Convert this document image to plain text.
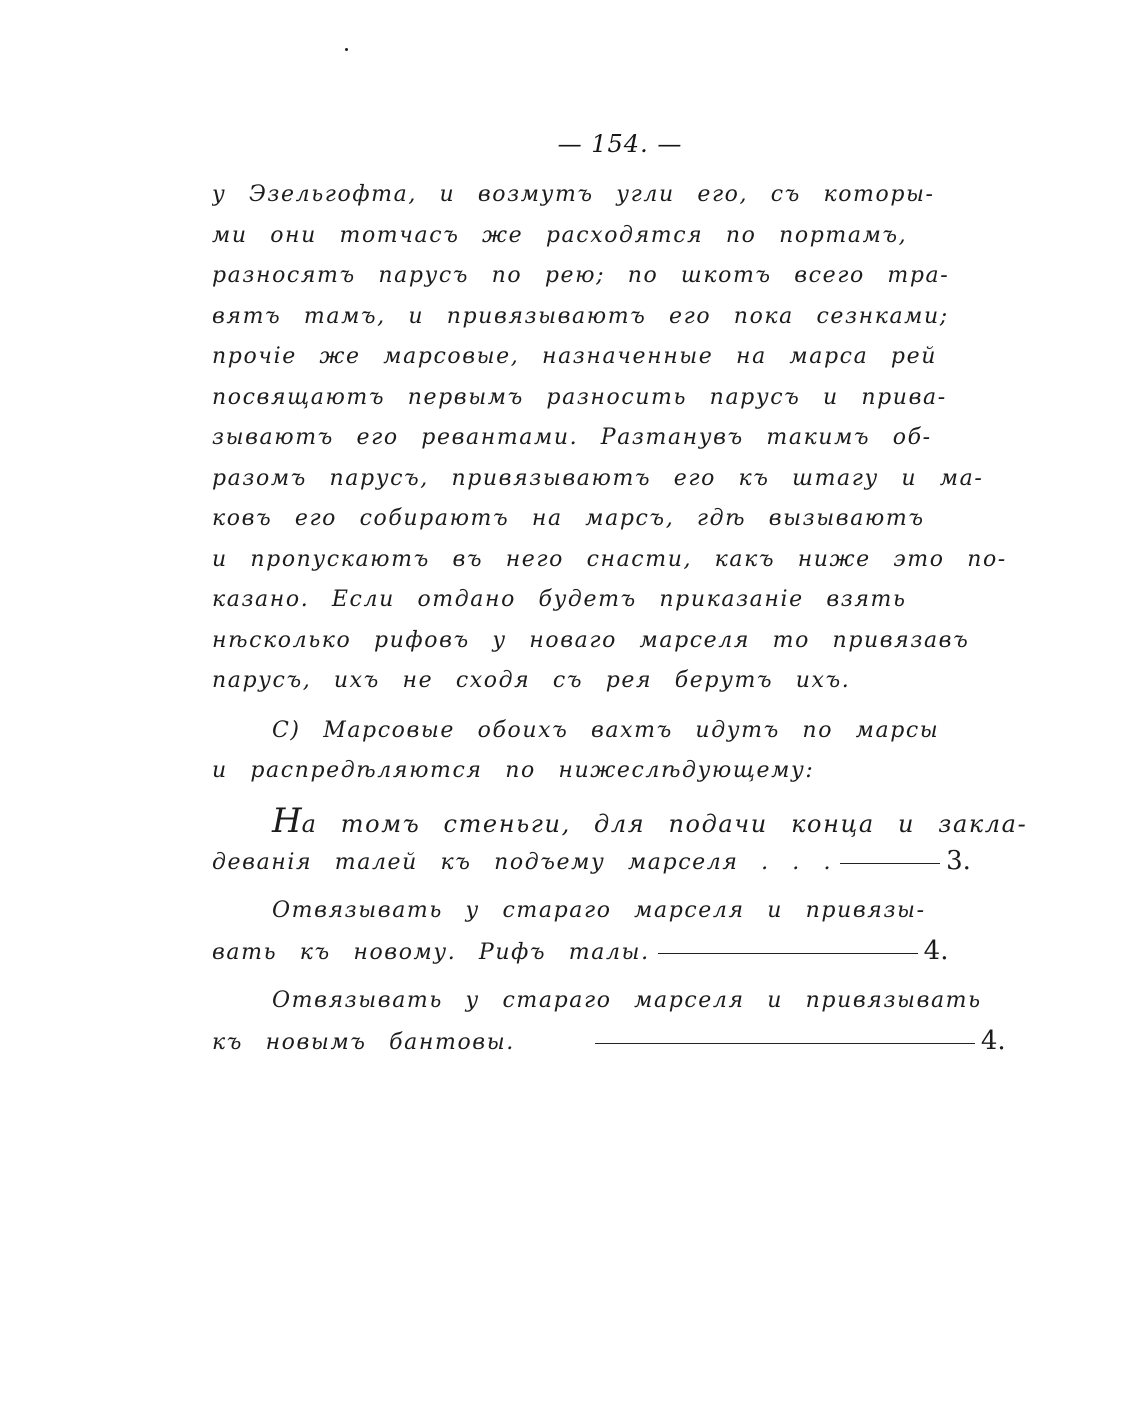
— 154. —
у Эзельгофта, и возмутъ угли его, съ которы-
ми они тотчасъ же расходятся по портамъ,
разносятъ парусъ по рею; по шкотъ всего тра-
вятъ тамъ, и привязываютъ его пока сезнками;
прочіе же марсовые, назначенные на марса рей
посвящаютъ первымъ разносить парусъ и прива-
зываютъ его ревантами. Разтанувъ такимъ об-
разомъ парусъ, привязываютъ его къ штагу и ма-
ковъ его собираютъ на марсъ, гдѣ вызываютъ
и пропускаютъ въ него снасти, какъ ниже это по-
казано. Если отдано будетъ приказаніе взять
нѣсколько рифовъ у новаго марселя то привязавъ
парусъ, ихъ не сходя съ рея берутъ ихъ.
С) Марсовые обоихъ вахтъ идутъ по марсы
и распредѣляются по нижеслѣдующему:
На томъ стеньги, для подачи конца и закла-
деванія талей къ подъему марселя . . .	3.
Отвязывать у стараго марселя и привязы-
вать къ новому. Рифъ талы.	4.
Отвязывать у стараго марселя и привязывать
къ новымъ бантовы.	4.
